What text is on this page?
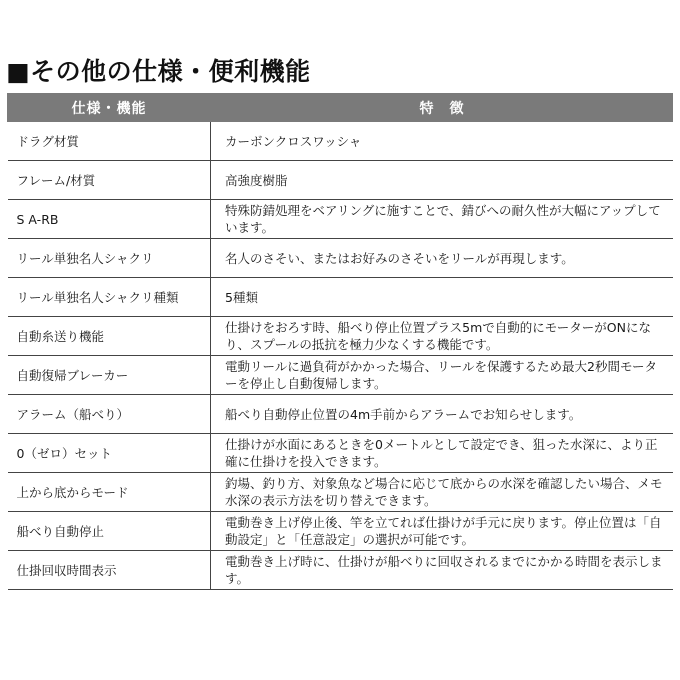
■その他の仕様・便利機能
仕様・機能	特徴
ドラグ材質	カーボンクロスワッシャ
フレーム/材質	高強度樹脂
S A-RB	特殊防錆処理をベアリングに施すことで、錆びへの耐久性が大幅にアップしています。
リール単独名人シャクリ	名人のさそい、またはお好みのさそいをリールが再現します。
リール単独名人シャクリ種類	5種類
自動糸送り機能	仕掛けをおろす時、船べり停止位置プラス5mで自動的にモーターがONになり、スプールの抵抗を極力少なくする機能です。
自動復帰ブレーカー	電動リールに過負荷がかかった場合、リールを保護するため最大2秒間モーターを停止し自動復帰します。
アラーム（船べり）	船べり自動停止位置の4m手前からアラームでお知らせします。
0（ゼロ）セット	仕掛けが水面にあるときを0メートルとして設定でき、狙った水深に、より正確に仕掛けを投入できます。
上から底からモード	釣場、釣り方、対象魚など場合に応じて底からの水深を確認したい場合、メモ水深の表示方法を切り替えできます。
船べり自動停止	電動巻き上げ停止後、竿を立てれば仕掛けが手元に戻ります。停止位置は「自動設定」と「任意設定」の選択が可能です。
仕掛回収時間表示	電動巻き上げ時に、仕掛けが船べりに回収されるまでにかかる時間を表示します。
